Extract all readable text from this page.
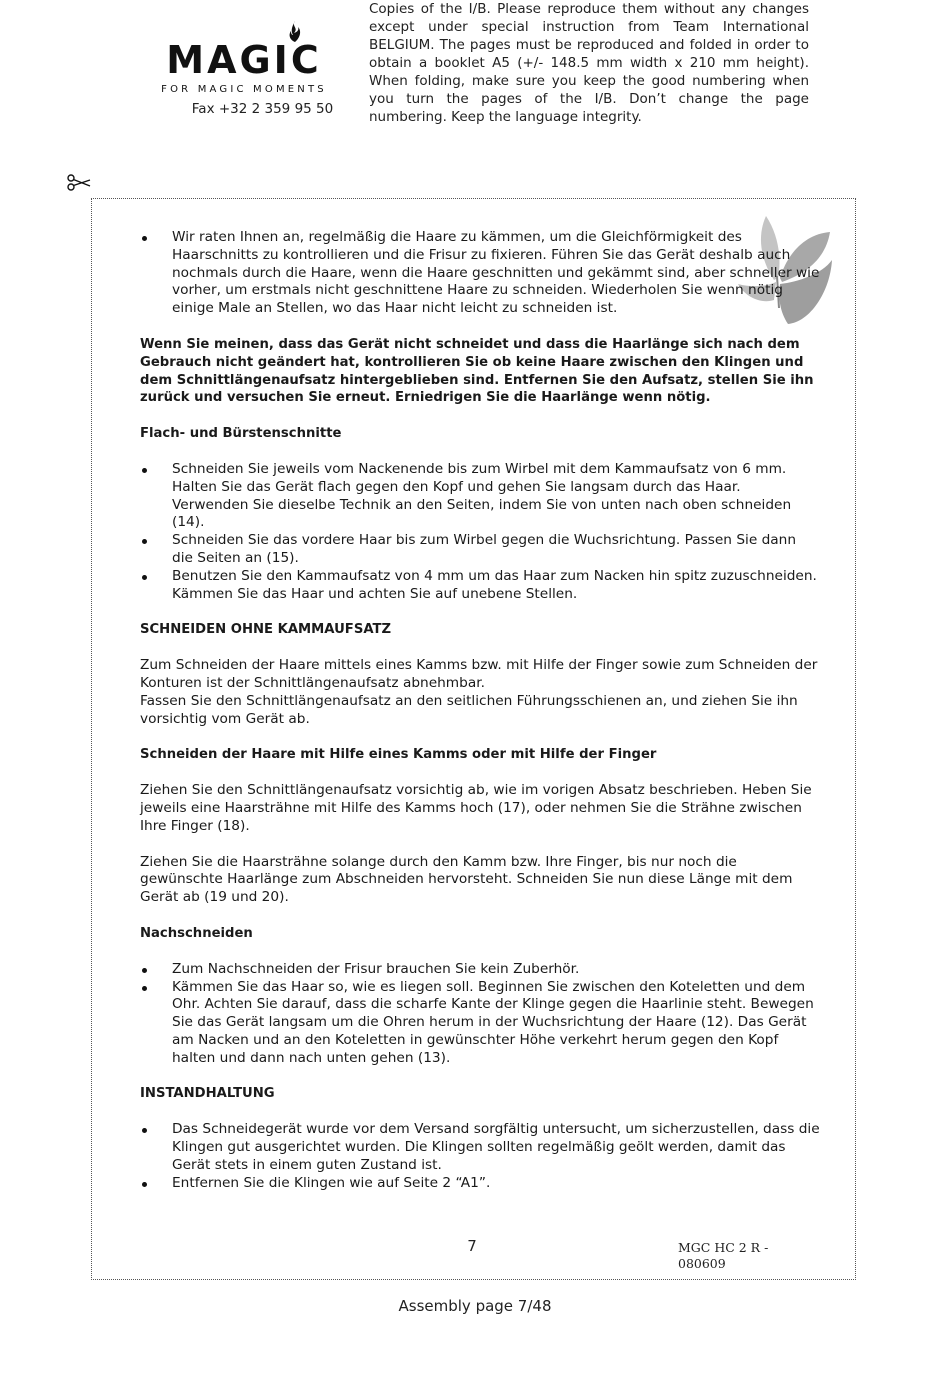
MAGIC
FOR MAGIC MOMENTS
Fax +32 2 359 95 50
Copies of the I/B. Please reproduce them without any changes except under special instruction from Team International BELGIUM. The pages must be reproduced and folded in order to obtain a booklet A5 (+/- 148.5 mm width x 210 mm height). When folding, make sure you keep the good numbering when you turn the pages of the I/B. Don’t change the page numbering. Keep the language integrity.
Wir raten Ihnen an, regelmäßig die Haare zu kämmen, um die Gleichförmigkeit des Haarschnitts zu kontrollieren und die Frisur zu fixieren. Führen Sie das Gerät deshalb auch nochmals durch die Haare, wenn die Haare geschnitten und gekämmt sind, aber schneller wie vorher, um erstmals nicht geschnittene Haare zu schneiden. Wiederholen Sie wenn nötig einige Male an Stellen, wo das Haar nicht leicht zu schneiden ist.

Wenn Sie meinen, dass das Gerät nicht schneidet und dass die Haarlänge sich nach dem Gebrauch nicht geändert hat, kontrollieren Sie ob keine Haare zwischen den Klingen und dem Schnittlängenaufsatz hintergeblieben sind. Entfernen Sie den Aufsatz, stellen Sie ihn zurück und versuchen Sie erneut. Erniedrigen Sie die Haarlänge wenn nötig.

Flach- und Bürstenschnitte

Schneiden Sie jeweils vom Nackenende bis zum Wirbel mit dem Kammaufsatz von 6 mm. Halten Sie das Gerät flach gegen den Kopf und gehen Sie langsam durch das Haar. Verwenden Sie dieselbe Technik an den Seiten, indem Sie von unten nach oben schneiden (14).
Schneiden Sie das vordere Haar bis zum Wirbel gegen die Wuchsrichtung. Passen Sie dann die Seiten an (15).
Benutzen Sie den Kammaufsatz von 4 mm um das Haar zum Nacken hin spitz zuzuschneiden. Kämmen Sie das Haar und achten Sie auf unebene Stellen.

SCHNEIDEN OHNE KAMMAUFSATZ

Zum Schneiden der Haare mittels eines Kamms bzw. mit Hilfe der Finger sowie zum Schneiden der Konturen ist der Schnittlängenaufsatz abnehmbar.

Fassen Sie den Schnittlängenaufsatz an den seitlichen Führungsschienen an, und ziehen Sie ihn vorsichtig vom Gerät ab.

Schneiden der Haare mit Hilfe eines Kamms oder mit Hilfe der Finger

Ziehen Sie den Schnittlängenaufsatz vorsichtig ab, wie im vorigen Absatz beschrieben. Heben Sie jeweils eine Haarsträhne mit Hilfe des Kamms hoch (17), oder nehmen Sie die Strähne zwischen Ihre Finger (18).

Ziehen Sie die Haarsträhne solange durch den Kamm bzw. Ihre Finger, bis nur noch die gewünschte Haarlänge zum Abschneiden hervorsteht. Schneiden Sie nun diese Länge mit dem Gerät ab (19 und 20).

Nachschneiden

Zum Nachschneiden der Frisur brauchen Sie kein Zuberhör.
Kämmen Sie das Haar so, wie es liegen soll. Beginnen Sie zwischen den Koteletten und dem Ohr. Achten Sie darauf, dass die scharfe Kante der Klinge gegen die Haarlinie steht. Bewegen Sie das Gerät langsam um die Ohren herum in der Wuchsrichtung der Haare (12). Das Gerät am Nacken und an den Koteletten in gewünschter Höhe verkehrt herum gegen den Kopf halten und dann nach unten gehen (13).

INSTANDHALTUNG

Das Schneidegerät wurde vor dem Versand sorgfältig untersucht, um sicherzustellen, dass die Klingen gut ausgerichtet wurden. Die Klingen sollten regelmäßig geölt werden, damit das Gerät stets in einem guten Zustand ist.
Entfernen Sie die Klingen wie auf Seite 2 “A1”.
7	MGC HC 2 R - 080609
Assembly page 7/48
